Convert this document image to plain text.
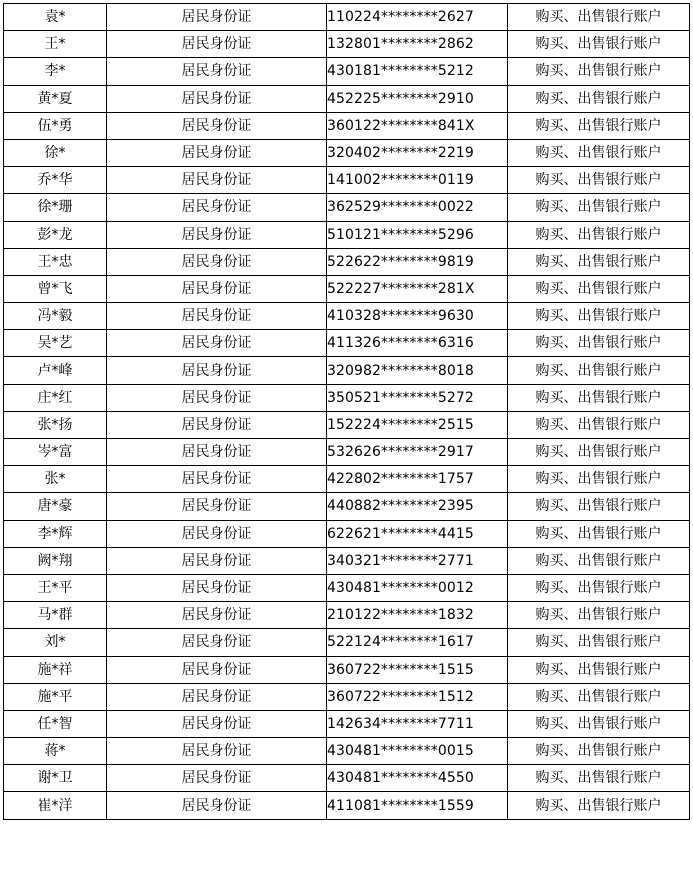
袁*	居民身份证	110224********2627	购买、出售银行账户
王*	居民身份证	132801********2862	购买、出售银行账户
李*	居民身份证	430181********5212	购买、出售银行账户
黄*夏	居民身份证	452225********2910	购买、出售银行账户
伍*勇	居民身份证	360122********841X	购买、出售银行账户
徐*	居民身份证	320402********2219	购买、出售银行账户
乔*华	居民身份证	141002********0119	购买、出售银行账户
徐*珊	居民身份证	362529********0022	购买、出售银行账户
彭*龙	居民身份证	510121********5296	购买、出售银行账户
王*忠	居民身份证	522622********9819	购买、出售银行账户
曾*飞	居民身份证	522227********281X	购买、出售银行账户
冯*毅	居民身份证	410328********9630	购买、出售银行账户
吴*艺	居民身份证	411326********6316	购买、出售银行账户
卢*峰	居民身份证	320982********8018	购买、出售银行账户
庄*红	居民身份证	350521********5272	购买、出售银行账户
张*扬	居民身份证	152224********2515	购买、出售银行账户
岑*富	居民身份证	532626********2917	购买、出售银行账户
张*	居民身份证	422802********1757	购买、出售银行账户
唐*豪	居民身份证	440882********2395	购买、出售银行账户
李*辉	居民身份证	622621********4415	购买、出售银行账户
阙*翔	居民身份证	340321********2771	购买、出售银行账户
王*平	居民身份证	430481********0012	购买、出售银行账户
马*群	居民身份证	210122********1832	购买、出售银行账户
刘*	居民身份证	522124********1617	购买、出售银行账户
施*祥	居民身份证	360722********1515	购买、出售银行账户
施*平	居民身份证	360722********1512	购买、出售银行账户
任*智	居民身份证	142634********7711	购买、出售银行账户
蒋*	居民身份证	430481********0015	购买、出售银行账户
谢*卫	居民身份证	430481********4550	购买、出售银行账户
崔*洋	居民身份证	411081********1559	购买、出售银行账户
